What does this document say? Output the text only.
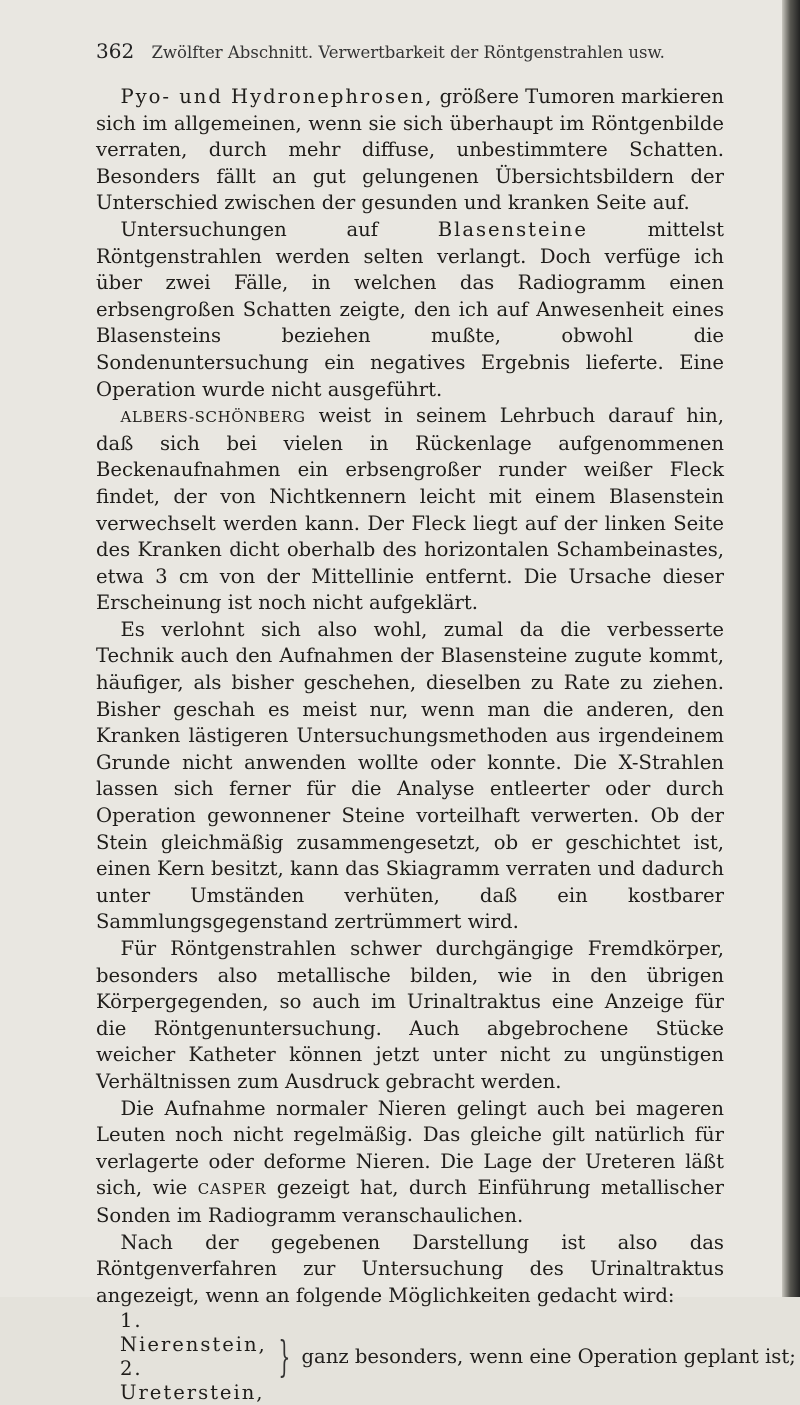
362 Zwölfter Abschnitt. Verwertbarkeit der Röntgenstrahlen usw.

Pyo- und Hydronephrosen, größere Tumoren markieren sich im allgemeinen, wenn sie sich überhaupt im Röntgenbilde verraten, durch mehr diffuse, unbestimmtere Schatten. Besonders fällt an gut gelungenen Übersichtsbildern der Unterschied zwischen der gesunden und kranken Seite auf.

Untersuchungen auf Blasensteine mittelst Röntgenstrahlen werden selten verlangt. Doch verfüge ich über zwei Fälle, in welchen das Radiogramm einen erbsengroßen Schatten zeigte, den ich auf Anwesenheit eines Blasensteins beziehen mußte, obwohl die Sondenuntersuchung ein negatives Ergebnis lieferte. Eine Operation wurde nicht ausgeführt.

ALBERS-SCHÖNBERG weist in seinem Lehrbuch darauf hin, daß sich bei vielen in Rückenlage aufgenommenen Beckenaufnahmen ein erbsengroßer runder weißer Fleck findet, der von Nichtkennern leicht mit einem Blasenstein verwechselt werden kann. Der Fleck liegt auf der linken Seite des Kranken dicht oberhalb des horizontalen Schambeinastes, etwa 3 cm von der Mittellinie entfernt. Die Ursache dieser Erscheinung ist noch nicht aufgeklärt.

Es verlohnt sich also wohl, zumal da die verbesserte Technik auch den Aufnahmen der Blasensteine zugute kommt, häufiger, als bisher geschehen, dieselben zu Rate zu ziehen. Bisher geschah es meist nur, wenn man die anderen, den Kranken lästigeren Untersuchungsmethoden aus irgendeinem Grunde nicht anwenden wollte oder konnte. Die X-Strahlen lassen sich ferner für die Analyse entleerter oder durch Operation gewonnener Steine vorteilhaft verwerten. Ob der Stein gleichmäßig zusammengesetzt, ob er geschichtet ist, einen Kern besitzt, kann das Skiagramm verraten und dadurch unter Umständen verhüten, daß ein kostbarer Sammlungsgegenstand zertrümmert wird.

Für Röntgenstrahlen schwer durchgängige Fremdkörper, besonders also metallische bilden, wie in den übrigen Körpergegenden, so auch im Urinaltraktus eine Anzeige für die Röntgenuntersuchung. Auch abgebrochene Stücke weicher Katheter können jetzt unter nicht zu ungünstigen Verhältnissen zum Ausdruck gebracht werden.

Die Aufnahme normaler Nieren gelingt auch bei mageren Leuten noch nicht regelmäßig. Das gleiche gilt natürlich für verlagerte oder deforme Nieren. Die Lage der Ureteren läßt sich, wie CASPER gezeigt hat, durch Einführung metallischer Sonden im Radiogramm veranschaulichen.

Nach der gegebenen Darstellung ist also das Röntgenverfahren zur Untersuchung des Urinaltraktus angezeigt, wenn an folgende Möglichkeiten gedacht wird:

1. Nierenstein,
2. Ureterstein,
} ganz besonders, wenn eine Operation geplant ist;
